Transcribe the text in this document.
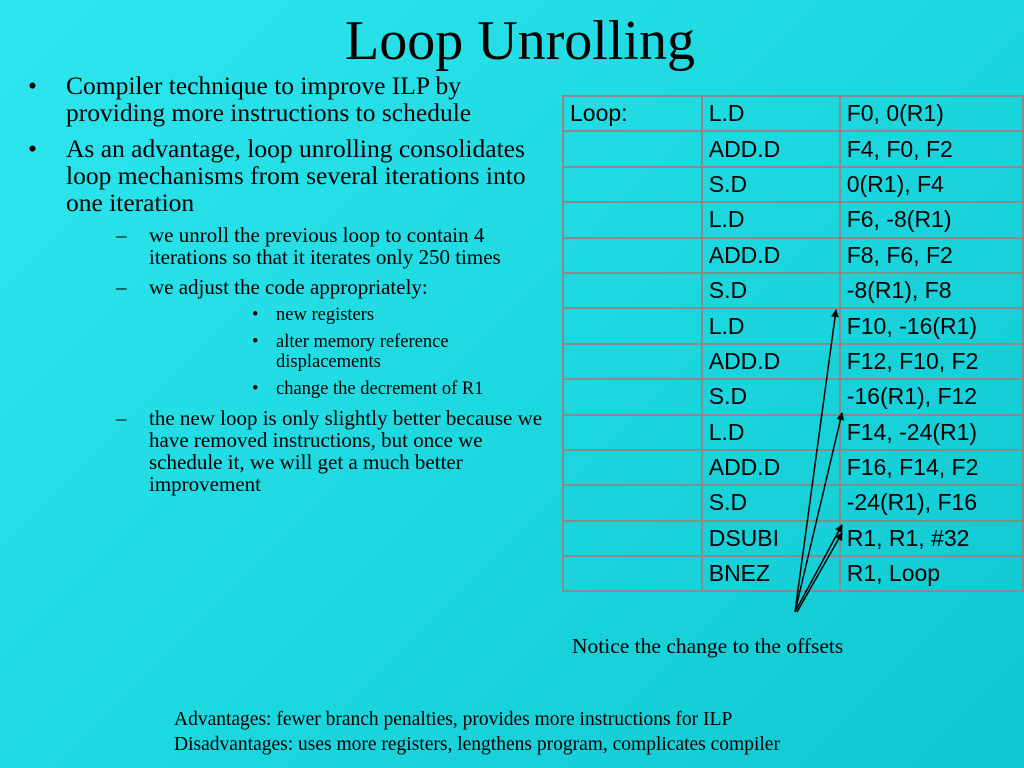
Loop Unrolling
• Compiler technique to improve ILP by providing more instructions to schedule
• As an advantage, loop unrolling consolidates loop mechanisms from several iterations into one iteration
– we unroll the previous loop to contain 4 iterations so that it iterates only 250 times
– we adjust the code appropriately:
• new registers
• alter memory reference displacements
• change the decrement of R1
– the new loop is only slightly better because we have removed instructions, but once we schedule it, we will get a much better improvement
Loop:	L.D	F0, 0(R1)
	ADD.D	F4, F0, F2
	S.D	0(R1), F4
	L.D	F6, -8(R1)
	ADD.D	F8, F6, F2
	S.D	-8(R1), F8
	L.D	F10, -16(R1)
	ADD.D	F12, F10, F2
	S.D	-16(R1), F12
	L.D	F14, -24(R1)
	ADD.D	F16, F14, F2
	S.D	-24(R1), F16
	DSUBI	R1, R1, #32
	BNEZ	R1, Loop
Notice the change to the offsets
Advantages: fewer branch penalties, provides more instructions for ILP
Disadvantages: uses more registers, lengthens program, complicates compiler
